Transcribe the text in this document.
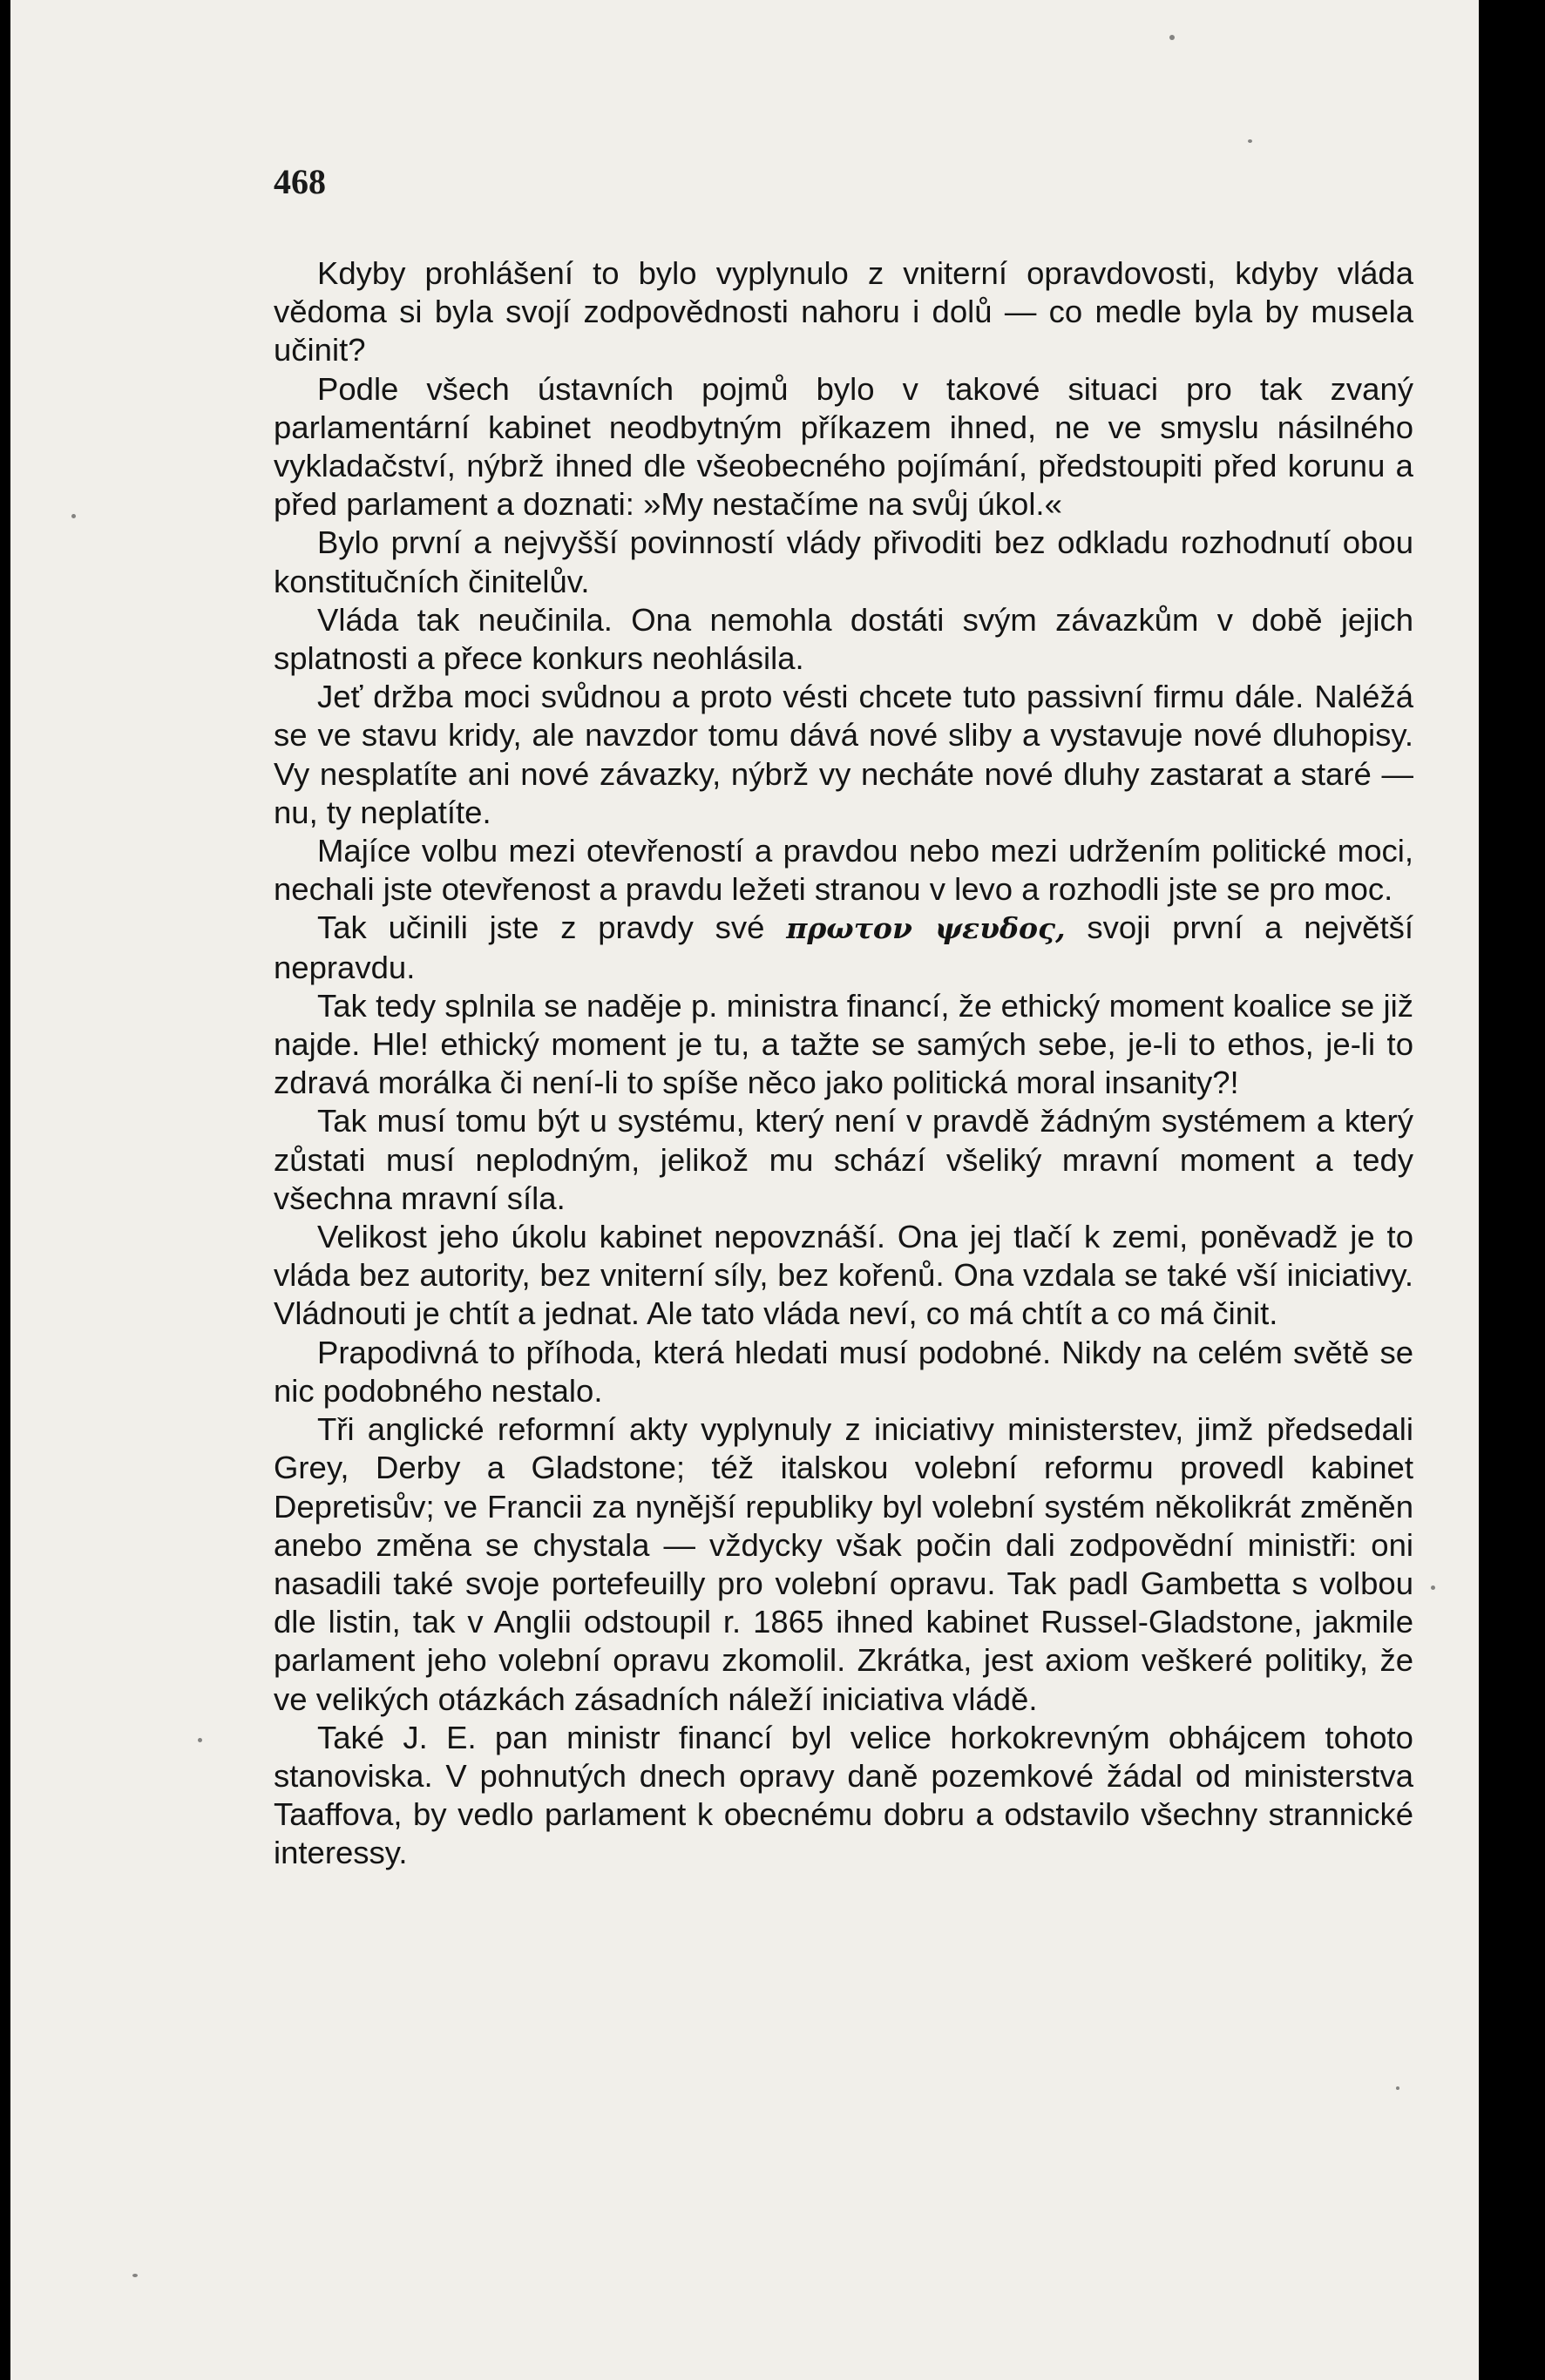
468

Kdyby prohlášení to bylo vyplynulo z vniterní opravdovosti, kdyby vláda vědoma si byla svojí zodpovědnosti nahoru i dolů — co medle byla by musela učinit?

Podle všech ústavních pojmů bylo v takové situaci pro tak zvaný parlamentární kabinet neodbytným příkazem ihned, ne ve smyslu násilného vykladačství, nýbrž ihned dle všeobecného pojímání, předstoupiti před korunu a před parlament a doznati: »My nestačíme na svůj úkol.«

Bylo první a nejvyšší povinností vlády přivoditi bez odkladu rozhodnutí obou konstitučních činitelův.

Vláda tak neučinila. Ona nemohla dostáti svým závazkům v době jejich splatnosti a přece konkurs neohlásila.

Jeť držba moci svůdnou a proto vésti chcete tuto passivní firmu dále. Naléžá se ve stavu kridy, ale navzdor tomu dává nové sliby a vystavuje nové dluhopisy. Vy nesplatíte ani nové závazky, nýbrž vy necháte nové dluhy zastarat a staré — nu, ty neplatíte.

Majíce volbu mezi otevřeností a pravdou nebo mezi udržením politické moci, nechali jste otevřenost a pravdu ležeti stranou v levo a rozhodli jste se pro moc.

Tak učinili jste z pravdy své πρωτον ψευδος, svoji první a největší nepravdu.

Tak tedy splnila se naděje p. ministra financí, že ethický moment koalice se již najde. Hle! ethický moment je tu, a tažte se samých sebe, je-li to ethos, je-li to zdravá morálka či není-li to spíše něco jako politická moral insanity?!

Tak musí tomu být u systému, který není v pravdě žádným systémem a který zůstati musí neplodným, jelikož mu schází všeliký mravní moment a tedy všechna mravní síla.

Velikost jeho úkolu kabinet nepovznáší. Ona jej tlačí k zemi, poněvadž je to vláda bez autority, bez vniterní síly, bez kořenů. Ona vzdala se také vší iniciativy. Vládnouti je chtít a jednat. Ale tato vláda neví, co má chtít a co má činit.

Prapodivná to příhoda, která hledati musí podobné. Nikdy na celém světě se nic podobného nestalo.

Tři anglické reformní akty vyplynuly z iniciativy ministerstev, jimž předsedali Grey, Derby a Gladstone; též italskou volební reformu provedl kabinet Depretisův; ve Francii za nynější republiky byl volební systém několikrát změněn anebo změna se chystala — vždycky však počin dali zodpovědní ministři: oni nasadili také svoje portefeuilly pro volební opravu. Tak padl Gambetta s volbou dle listin, tak v Anglii odstoupil r. 1865 ihned kabinet Russel-Gladstone, jakmile parlament jeho volební opravu zkomolil. Zkrátka, jest axiom veškeré politiky, že ve velikých otázkách zásadních náleží iniciativa vládě.

Také J. E. pan ministr financí byl velice horkokrevným obhájcem tohoto stanoviska. V pohnutých dnech opravy daně pozemkové žádal od ministerstva Taaffova, by vedlo parlament k obecnému dobru a odstavilo všechny strannické interessy.
